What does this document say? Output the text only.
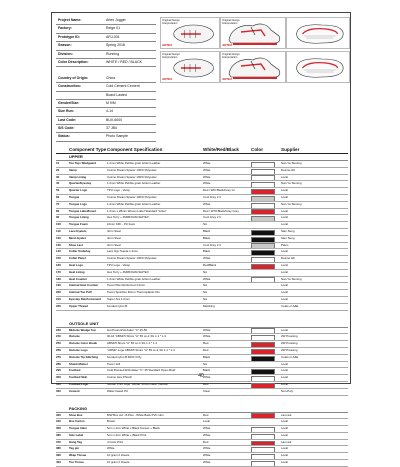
Project Name:	Artex Jogger
Factory:	Reige 01
Prototype ID:	ARJ-001
Season:	Spring 2018
Division:	Running
Color Description:	WHITE / RED / BLACK
Country of Origin:	China
Construction:	Cold Cement Cement
Board Lasted
Gender/Size:	M 9/M
Size Run:	4-14
Last Code:	BUX-6000
S/S Code:	37 JB4
Status:	Photo Sample
Original Design Interpretation
ARTEX
Original Design Interpretation
ARTEX
Original Design Interpretation
ARTEX
Original Design Interpretation
ARTEX
Component Type Component Specification	White/Red/Black	Color	Supplier
UPPER
10	Toe Tap / Mudguard	1.2mm White Pebble grain Action Leather	White	Nan-Ya Tanning
20	Vamp	Cosmo Dream Spacer 100% Polyester	White	Dosmo-HK
30	Vamp Lining	Cosmo Dream Spacer 100% Polyester	White	Local
40	Quarter/Eyestay	1.2mm White Pebble grain Action Leather	White	Nan-Ya Tanning
50	Quarter Logo	TPU Logo - Vamp	Red / Wht Black/Grey Gr	Local
60	Tongue	Cosmo Dream Spacer 100% Polyester	Cool Grey 2 C	Local
70	Tongue Logo	1.2mm White Pebble grain Action Leather	White	Nan-Ya Tanning
80	Tongue Label/Insert	1.2mm x 28mm Woven Label Standard "Artex"	Red / WT# Black/Grey Grey	Local
90	Tongue Lining	Hex Terry + 4MMFOAM-SHITEX	Cool Grey 2 C	Local
100	Tongue Foam	10mm KFF - PU foam	NA	Local
110	Lace Eyelets	4mm Steel	Black	Sam Sung
120	Mesh Eyelet	4mm Steel	Black	Sam Sung
130	Shoe Last	4mm Steel	Cool Grey 2 C	Patco
140	Collar Underlay	Lace Nyp Suede 1.2mm	Black	Local
150	Collar Panel	Cosmo Dream Spacer 100% Polyester	White	Dosmo HK
160	Heel Logo	TPU Logo - Vamp	Red/Black	Local
170	Heel Lining	Hex Terry + 4MMFOAM-SHITEX	NA	Local
180	Heel Counter	1.2mm White Pebble grain Action Leather	White	Nan-Ya Tanning
190	Internal Heel Counter	Texon Rite Reinforced 1.0mm	NA	Local
200	Internal Toe Puff	Texon Spunflex 30mm Thermoplastic film	NA	Local
210	Eyestay Reinforcement	Super-Tex 1.0mm	NA	Local
220	Upper Thread	bonded nylon B	Matching	Coats or A&E
OUTSOLE UNIT
230	Midsole Wedge Top	Hot Press EVA Asker "C" 45-50	White	Local
240	Outsole	IR-44 "ABS4/5 Shore "A" 65 co-tr 3G 1.1 * 1.4	White	ZW Pressing
250	Outsole Color Break	ABS4/5 Shore "A" 65 co-tr 3G 1.1 * 1.4	Red	ZW Pressing
260	Outsole Logo	"ARSE" Logo ABS4/5 Shore "A" 65 co-tr 3G 1.1 * 1.4	Red	ZW Pressing
270	Outsole Tip Stitching	bonded nylon B 6000 3 Ply	Black	Coats or A&E
280	Shank Midsol	Texon 124	NA	Local
290	Footbed	Cold Pressed EVA Asker "C" 45 Standard Open-Mold	Black	Local
300	Footbed Skin	Cosmo Hex Phresh	White	Local
310	Footbed Logo	Screen Print Logo "ARSE" 60mm Heat Transfer	Red	Local
320	Cement	Water based PU	Clear	Non-Poly
PACKING
330	Shoe Box	B/W Box std - 8-Plus - White Back PVC skin	Red	Lam-tek
340	Box Carton	Brown	Local	Local
350	Tongue Inker	5cm x 2cm White x Black Korean + Black	White	Local
360	Size Label	5cm x 2cm White + Black Print	White	Local
370	Hang Tag	4 Color Print	Red	Lam-tek
380	Tag pin	White	White	Local
390	Wrap Tissue	10 gram 2 sheets	White	Local
400	Toe Tissue	10 gram 2 sheets	White	Local
40
